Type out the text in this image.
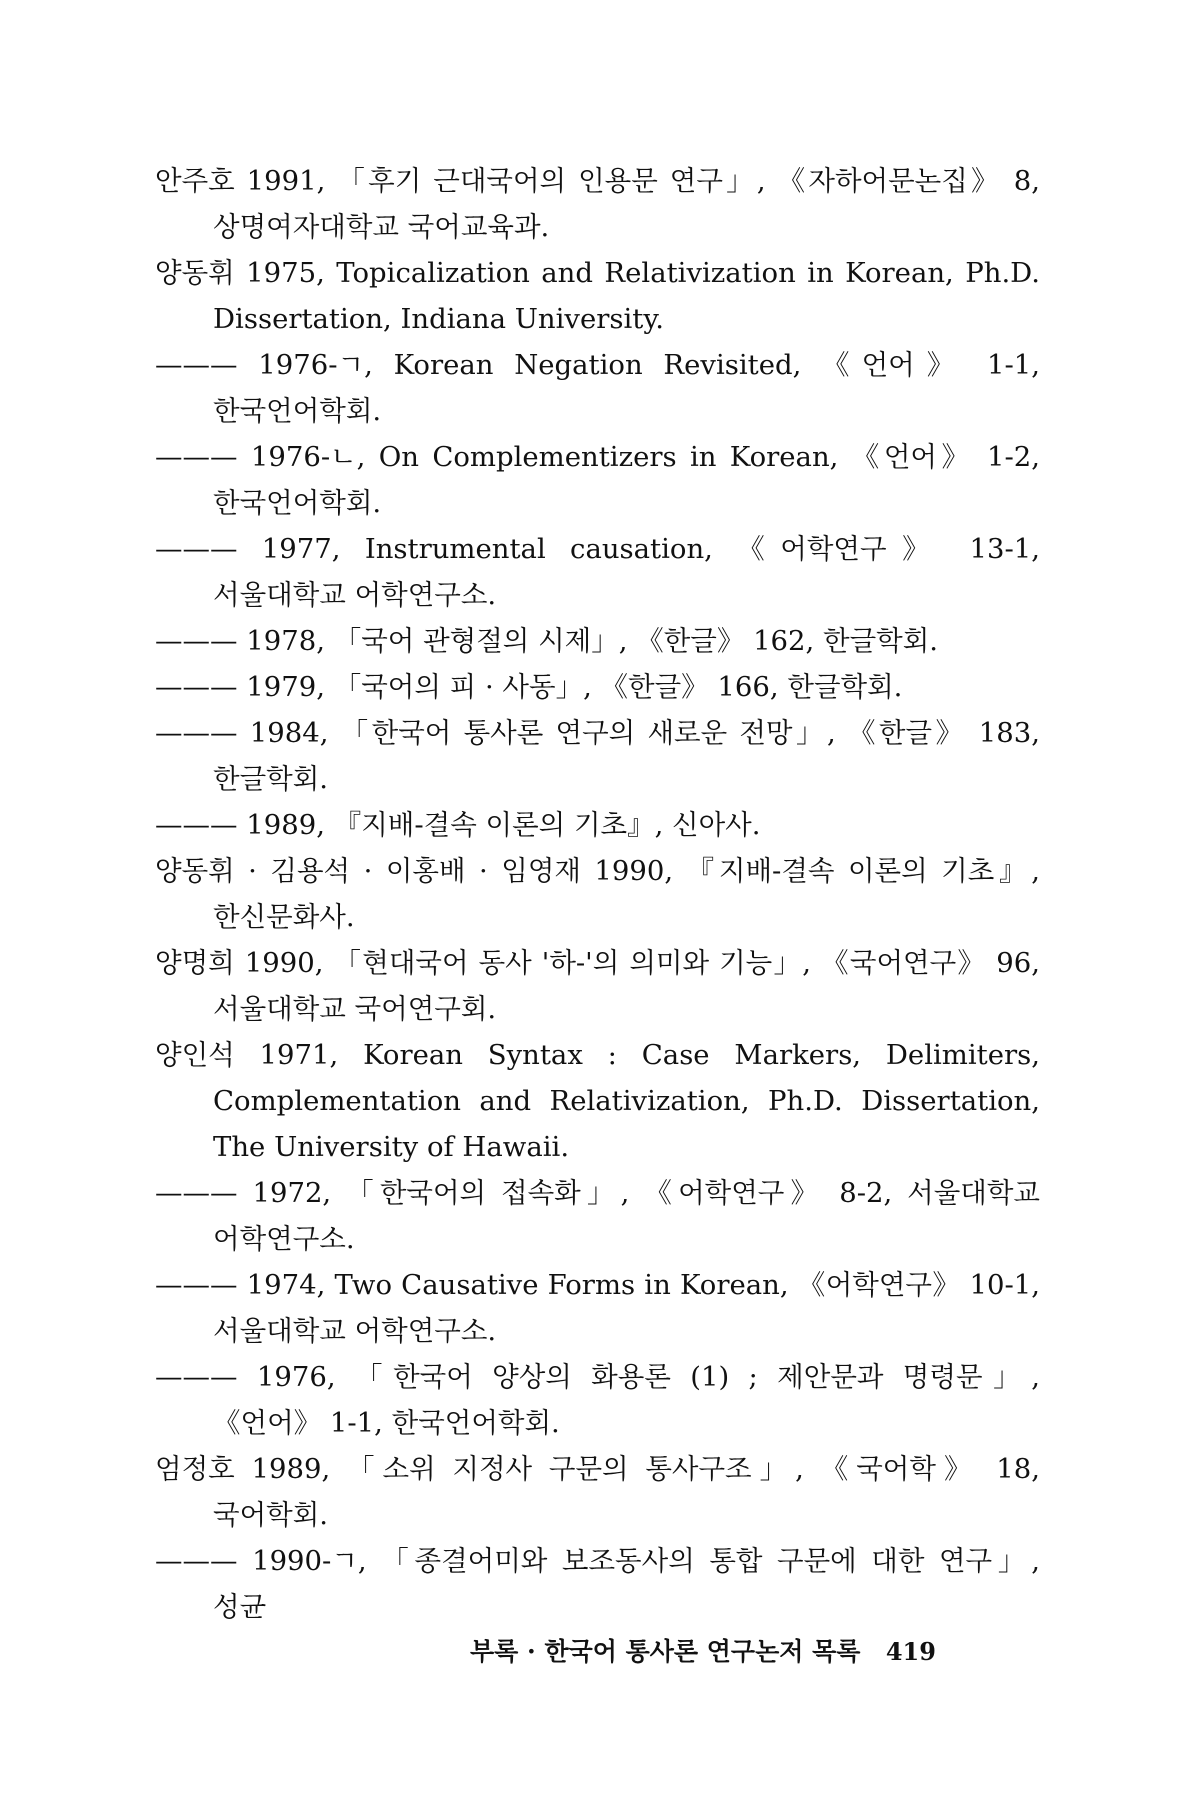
안주호 1991, 「후기 근대국어의 인용문 연구」, 《자하어문논집》 8, 상명여자대학교 국어교육과.

양동휘 1975, Topicalization and Relativization in Korean, Ph.D. Dissertation, Indiana University.

——— 1976-ㄱ, Korean Negation Revisited, 《언어》 1-1, 한국언어학회.

——— 1976-ㄴ, On Complementizers in Korean, 《언어》 1-2, 한국언어학회.

——— 1977, Instrumental causation, 《어학연구》 13-1, 서울대학교 어학연구소.

——— 1978, 「국어 관형절의 시제」, 《한글》 162, 한글학회.

——— 1979, 「국어의 피 · 사동」, 《한글》 166, 한글학회.

——— 1984, 「한국어 통사론 연구의 새로운 전망」, 《한글》 183, 한글학회.

——— 1989, 『지배-결속 이론의 기초』, 신아사.

양동휘 · 김용석 · 이홍배 · 임영재 1990, 『지배-결속 이론의 기초』, 한신문화사.

양명희 1990, 「현대국어 동사 '하-'의 의미와 기능」, 《국어연구》 96, 서울대학교 국어연구회.

양인석 1971, Korean Syntax : Case Markers, Delimiters, Complementation and Relativization, Ph.D. Dissertation, The University of Hawaii.

——— 1972, 「한국어의 접속화」, 《어학연구》 8-2, 서울대학교 어학연구소.

——— 1974, Two Causative Forms in Korean, 《어학연구》 10-1, 서울대학교 어학연구소.

——— 1976, 「한국어 양상의 화용론 (1) ; 제안문과 명령문」, 《언어》 1-1, 한국언어학회.

엄정호 1989, 「소위 지정사 구문의 통사구조」, 《국어학》 18, 국어학회.

——— 1990-ㄱ, 「종결어미와 보조동사의 통합 구문에 대한 연구」, 성균

부록 · 한국어 통사론 연구논저 목록 419
